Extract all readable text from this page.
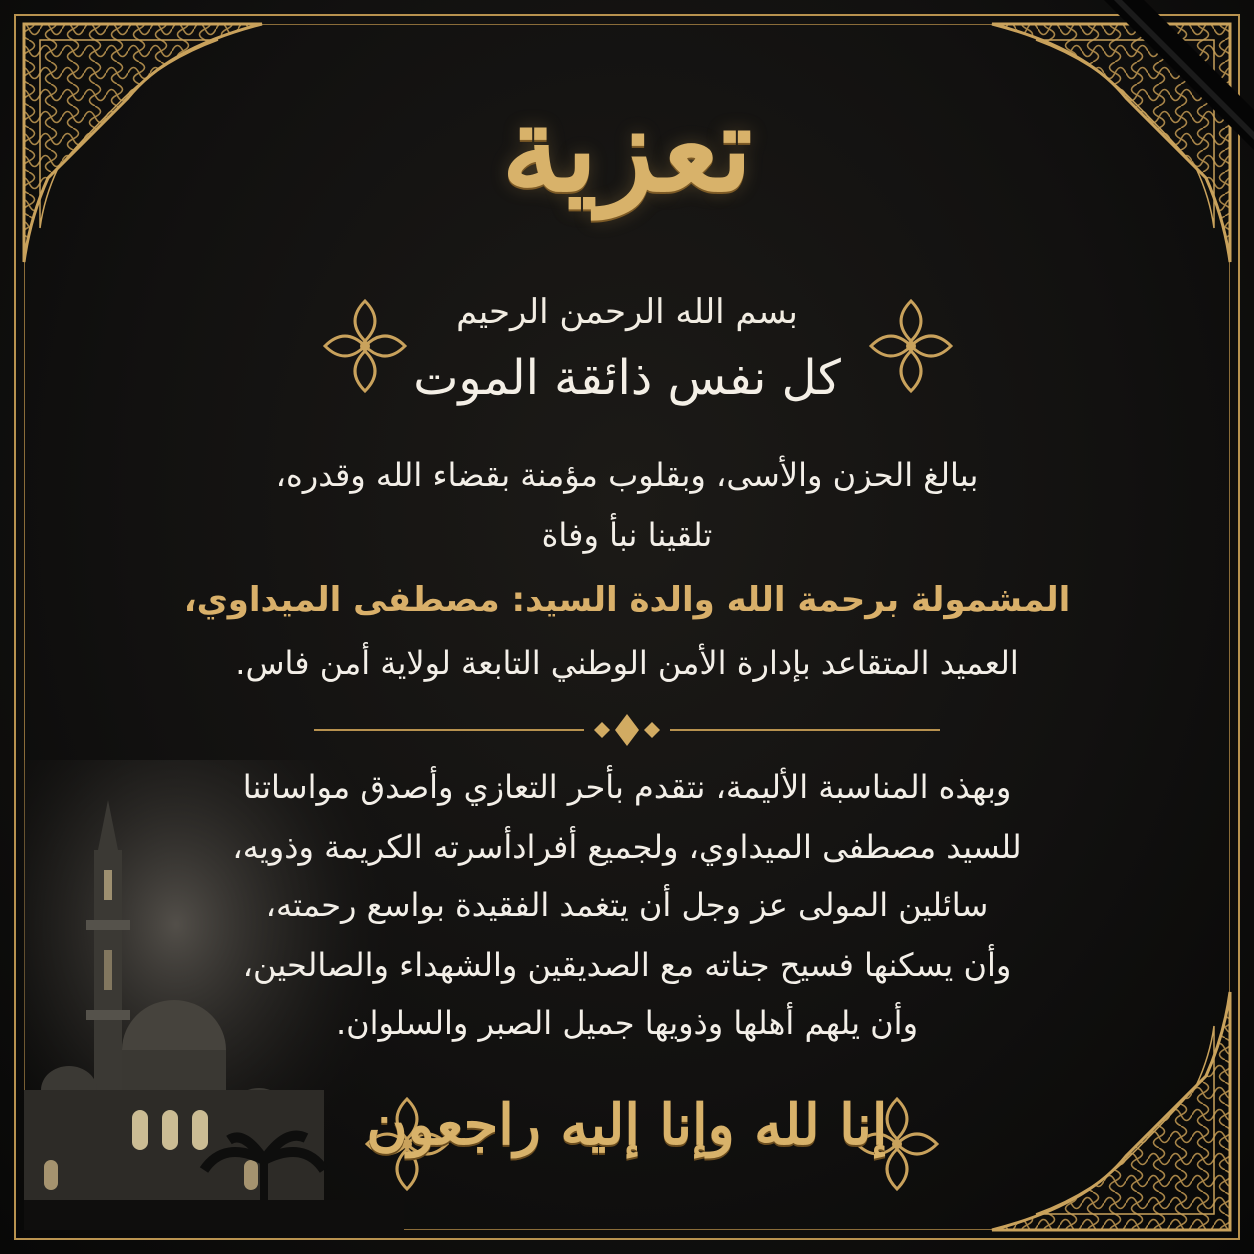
تعزية
بسم الله الرحمن الرحيم
كل نفس ذائقة الموت
ببالغ الحزن والأسى، وبقلوب مؤمنة بقضاء الله وقدره،
تلقينا نبأ وفاة
المشمولة برحمة الله والدة السيد: مصطفى الميداوي،
العميد المتقاعد بإدارة الأمن الوطني التابعة لولاية أمن فاس.
وبهذه المناسبة الأليمة، نتقدم بأحر التعازي وأصدق مواساتنا
للسيد مصطفى الميداوي، ولجميع أفرادأسرته الكريمة وذويه،
سائلين المولى عز وجل أن يتغمد الفقيدة بواسع رحمته،
وأن يسكنها فسيح جناته مع الصديقين والشهداء والصالحين،
وأن يلهم أهلها وذويها جميل الصبر والسلوان.
إنا لله وإنا إليه راجعون
